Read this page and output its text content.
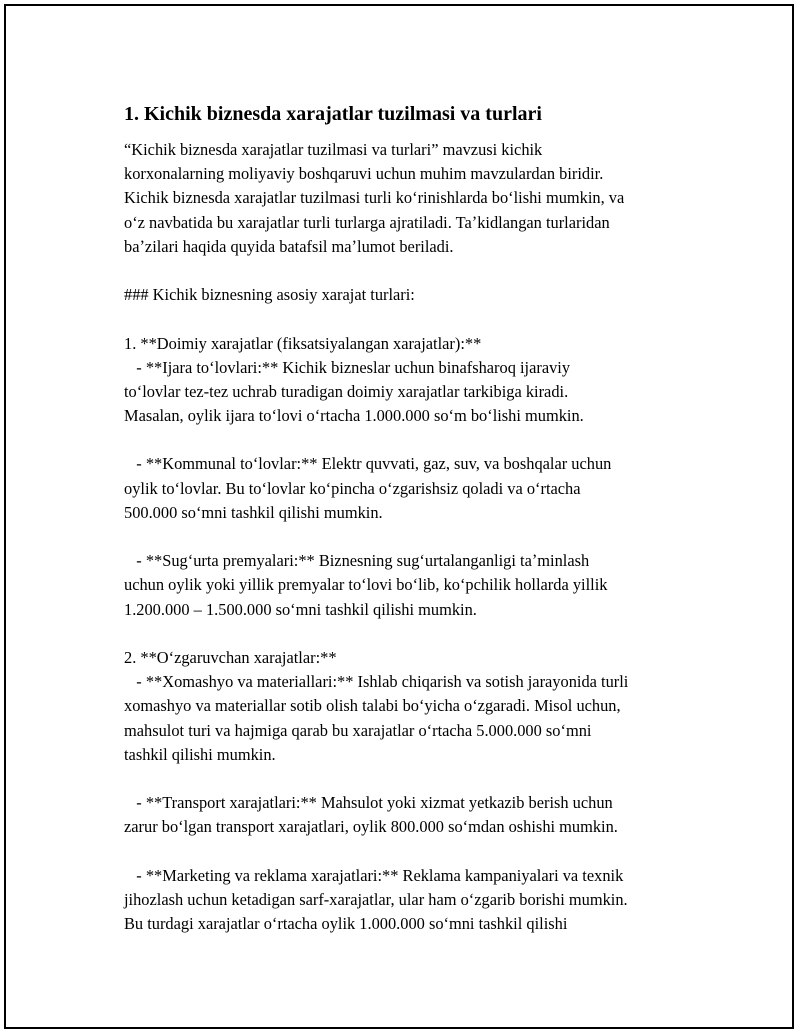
1. Kichik biznesda xarajatlar tuzilmasi va turlari
“Kichik biznesda xarajatlar tuzilmasi va turlari” mavzusi kichik
korxonalarning moliyaviy boshqaruvi uchun muhim mavzulardan biridir.
Kichik biznesda xarajatlar tuzilmasi turli koʻrinishlarda boʻlishi mumkin, va
oʻz navbatida bu xarajatlar turli turlarga ajratiladi. Taʼkidlangan turlaridan
baʼzilari haqida quyida batafsil maʼlumot beriladi.
### Kichik biznesning asosiy xarajat turlari:
1. **Doimiy xarajatlar (fiksatsiyalangan xarajatlar):**
- **Ijara toʻlovlari:** Kichik bizneslar uchun binafsharoq ijaraviy
toʻlovlar tez-tez uchrab turadigan doimiy xarajatlar tarkibiga kiradi.
Masalan, oylik ijara toʻlovi oʻrtacha 1.000.000 soʻm boʻlishi mumkin.
- **Kommunal toʻlovlar:** Elektr quvvati, gaz, suv, va boshqalar uchun
oylik toʻlovlar. Bu toʻlovlar koʻpincha oʻzgarishsiz qoladi va oʻrtacha
500.000 soʻmni tashkil qilishi mumkin.
- **Sugʻurta premyalari:** Biznesning sugʻurtalanganligi taʼminlash
uchun oylik yoki yillik premyalar toʻlovi boʻlib, koʻpchilik hollarda yillik
1.200.000 – 1.500.000 soʻmni tashkil qilishi mumkin.
2. **Oʻzgaruvchan xarajatlar:**
- **Xomashyo va materiallari:** Ishlab chiqarish va sotish jarayonida turli
xomashyo va materiallar sotib olish talabi boʻyicha oʻzgaradi. Misol uchun,
mahsulot turi va hajmiga qarab bu xarajatlar oʻrtacha 5.000.000 soʻmni
tashkil qilishi mumkin.
- **Transport xarajatlari:** Mahsulot yoki xizmat yetkazib berish uchun
zarur boʻlgan transport xarajatlari, oylik 800.000 soʻmdan oshishi mumkin.
- **Marketing va reklama xarajatlari:** Reklama kampaniyalari va texnik
jihozlash uchun ketadigan sarf-xarajatlar, ular ham oʻzgarib borishi mumkin.
Bu turdagi xarajatlar oʻrtacha oylik 1.000.000 soʻmni tashkil qilishi
